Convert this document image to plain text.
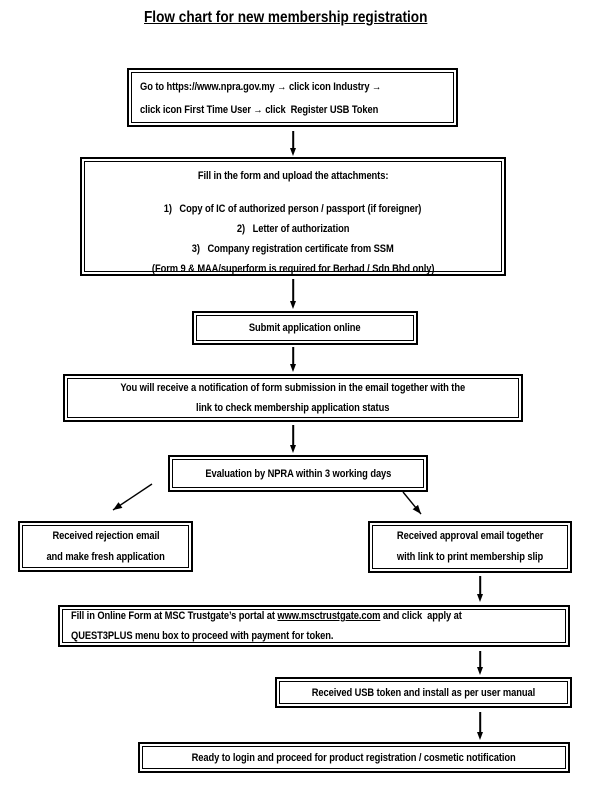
Flow chart for new membership registration
Go to https://www.npra.gov.my → click icon Industry →
click icon First Time User → click  Register USB Token
Fill in the form and upload the attachments:
1)   Copy of IC of authorized person / passport (if foreigner)
2)   Letter of authorization
3)   Company registration certificate from SSM
(Form 9 & MAA/superform is required for Berhad / Sdn Bhd only)
Submit application online
You will receive a notification of form submission in the email together with the
link to check membership application status
Evaluation by NPRA within 3 working days
Received rejection email
and make fresh application
Received approval email together
with link to print membership slip
Fill in Online Form at MSC Trustgate’s portal at www.msctrustgate.com and click  apply at
QUEST3PLUS menu box to proceed with payment for token.
Received USB token and install as per user manual
Ready to login and proceed for product registration / cosmetic notification
